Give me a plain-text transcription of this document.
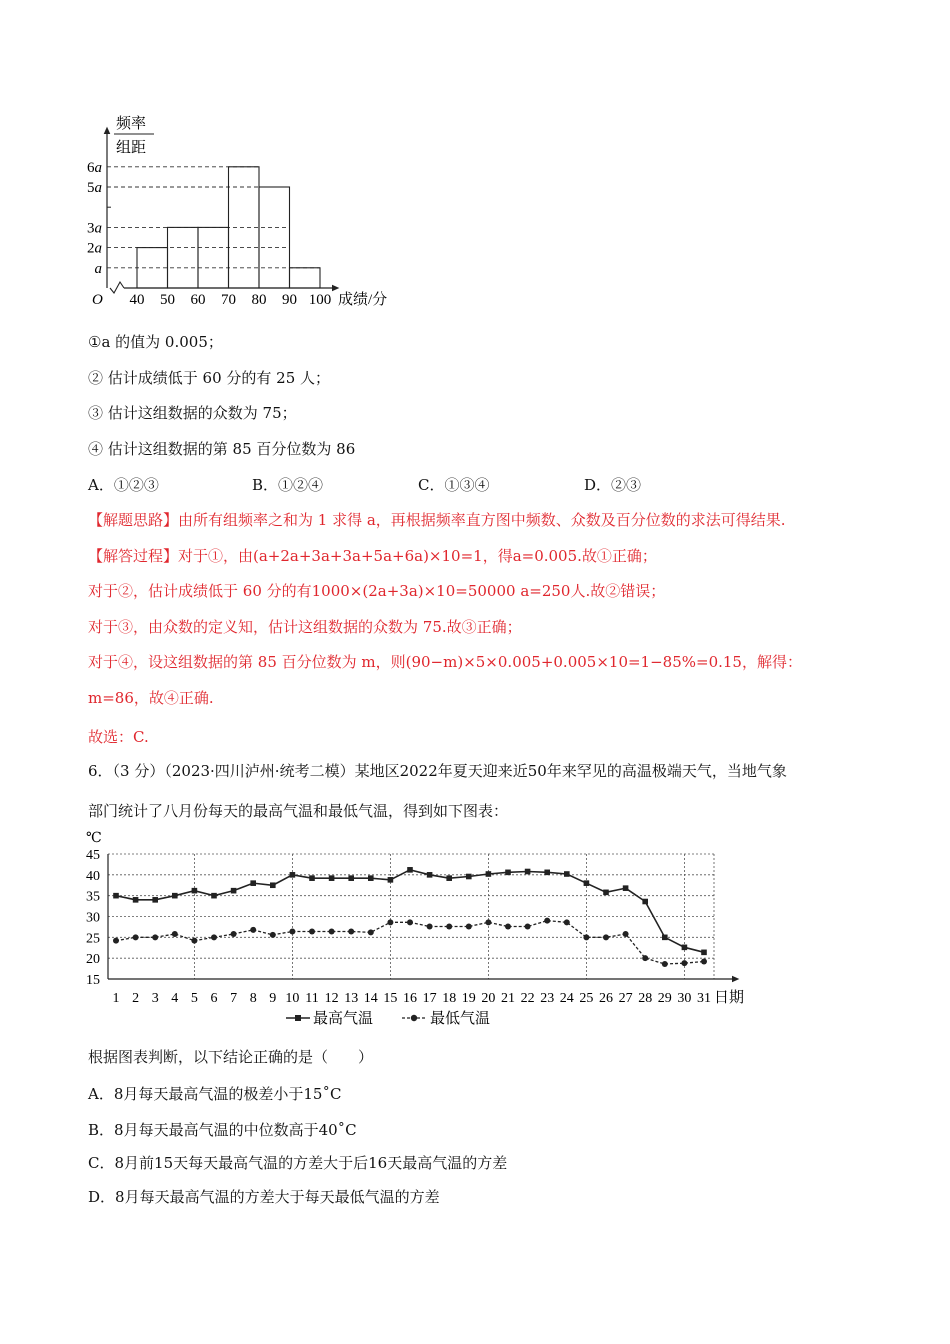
频率
组距
a
2a
3a
5a
6a
40 50 60 70 80 90 100
O	成绩/分
①a 的值为 0.005；
② 估计成绩低于 60 分的有 25 人；
③ 估计这组数据的众数为 75；
④ 估计这组数据的第 85 百分位数为 86
A．①②③	B．①②④	C．①③④	D．②③
【解题思路】由所有组频率之和为 1 求得 a，再根据频率直方图中频数、众数及百分位数的求法可得结果.
【解答过程】对于①，由(a+2a+3a+3a+5a+6a)×10=1，得a=0.005.故①正确；
对于②，估计成绩低于 60 分的有1000×(2a+3a)×10=50000 a=250人.故②错误；
对于③，由众数的定义知，估计这组数据的众数为 75.故③正确；
对于④，设这组数据的第 85 百分位数为 m，则(90−m)×5×0.005+0.005×10=1−85%=0.15，解得：
m=86，故④正确.
故选：C.
6．（3 分）（2023·四川泸州·统考二模）某地区2022年夏天迎来近50年来罕见的高温极端天气，当地气象
部门统计了八月份每天的最高气温和最低气温，得到如下图表：
℃
15
20
25
30
35
40
45
1 2 3 4 5 6 7 8 9 10 11 12 13 14 15 16 17 18 19 20 21 22 23 24 25 26 27 28 29 30 31 日期
最高气温	最低气温
根据图表判断，以下结论正确的是（　　）
A．8月每天最高气温的极差小于15˚C
B．8月每天最高气温的中位数高于40˚C
C．8月前15天每天最高气温的方差大于后16天最高气温的方差
D．8月每天最高气温的方差大于每天最低气温的方差
